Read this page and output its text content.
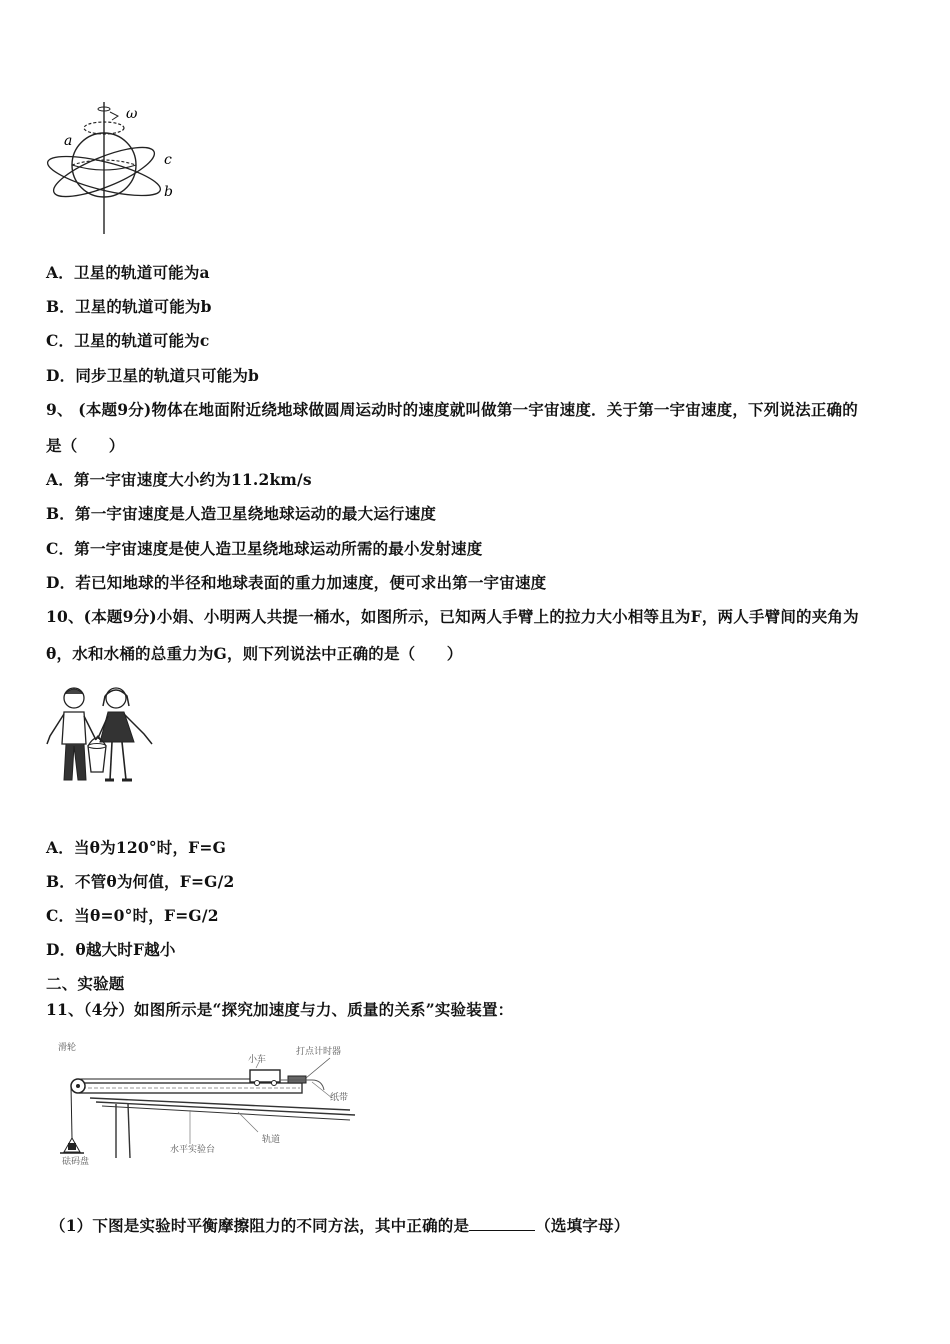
ω
a
c
b
A．卫星的轨道可能为a
B．卫星的轨道可能为b
C．卫星的轨道可能为c
D．同步卫星的轨道只可能为b
9、 (本题9分)物体在地面附近绕地球做圆周运动时的速度就叫做第一宇宙速度．关于第一宇宙速度，下列说法正确的
是（　　）
A．第一宇宙速度大小约为11.2km/s
B．第一宇宙速度是人造卫星绕地球运动的最大运行速度
C．第一宇宙速度是使人造卫星绕地球运动所需的最小发射速度
D．若已知地球的半径和地球表面的重力加速度，便可求出第一宇宙速度
10、(本题9分)小娟、小明两人共提一桶水，如图所示，已知两人手臂上的拉力大小相等且为F，两人手臂间的夹角为
θ，水和水桶的总重力为G，则下列说法中正确的是（　　）
A．当θ为120°时，F=G
B．不管θ为何值，F=G/2
C．当θ=0°时，F=G/2
D．θ越大时F越小
二、实验题
11、（4分）如图所示是“探究加速度与力、质量的关系”实验装置：
滑轮
小车
打点计时器
纸带
水平实验台
轨道
砝码盘
（1）下图是实验时平衡摩擦阻力的不同方法，其中正确的是	（选填字母）
